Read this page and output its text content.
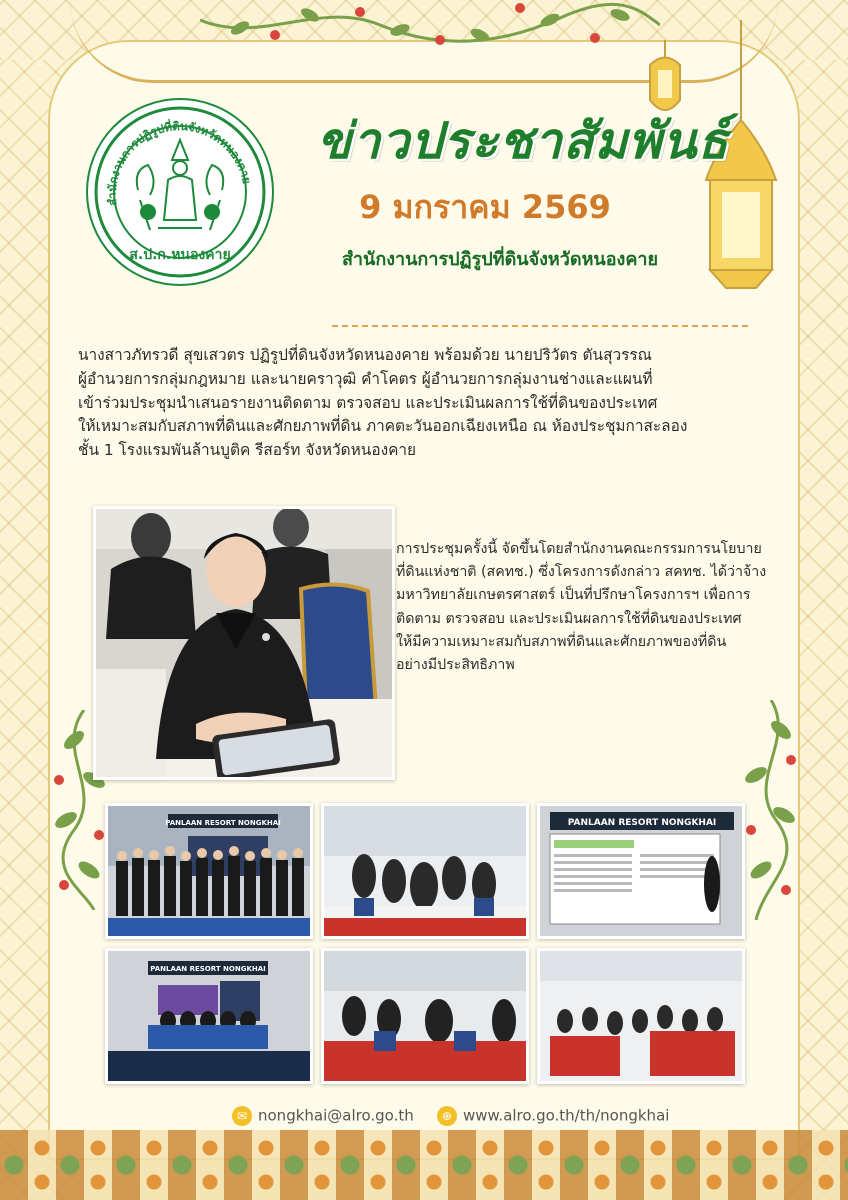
สำนักงานการปฏิรูปที่ดินจังหวัดหนองคาย
ส.ป.ก.หนองคาย
ข่าวประชาสัมพันธ์
9 มกราคม 2569
สำนักงานการปฏิรูปที่ดินจังหวัดหนองคาย

นางสาวภัทรวดี สุขเสวตร ปฏิรูปที่ดินจังหวัดหนองคาย พร้อมด้วย นายปริวัตร ตันสุวรรณ

ผู้อำนวยการกลุ่มกฎหมาย และนายคราวุฒิ คำโคตร ผู้อำนวยการกลุ่มงานช่างและแผนที่

เข้าร่วมประชุมนำเสนอรายงานติดตาม ตรวจสอบ และประเมินผลการใช้ที่ดินของประเทศ

ให้เหมาะสมกับสภาพที่ดินและศักยภาพที่ดิน ภาคตะวันออกเฉียงเหนือ ณ ห้องประชุมกาสะลอง

ชั้น 1 โรงแรมพันล้านบูติค รีสอร์ท จังหวัดหนองคาย

การประชุมครั้งนี้ จัดขึ้นโดยสำนักงานคณะกรรมการนโยบาย
ที่ดินแห่งชาติ (สคทช.) ซึ่งโครงการดังกล่าว สคทช. ได้ว่าจ้าง
มหาวิทยาลัยเกษตรศาสตร์ เป็นที่ปรึกษาโครงการฯ เพื่อการ
ติดตาม ตรวจสอบ และประเมินผลการใช้ที่ดินของประเทศ
ให้มีความเหมาะสมกับสภาพที่ดินและศักยภาพของที่ดิน
อย่างมีประสิทธิภาพ
PANLAAN RESORT NONGKHAI	PANLAAN RESORT NONGKHAI
PANLAAN RESORT NONGKHAI
✉ nongkhai@alro.go.th	⊕ www.alro.go.th/th/nongkhai
